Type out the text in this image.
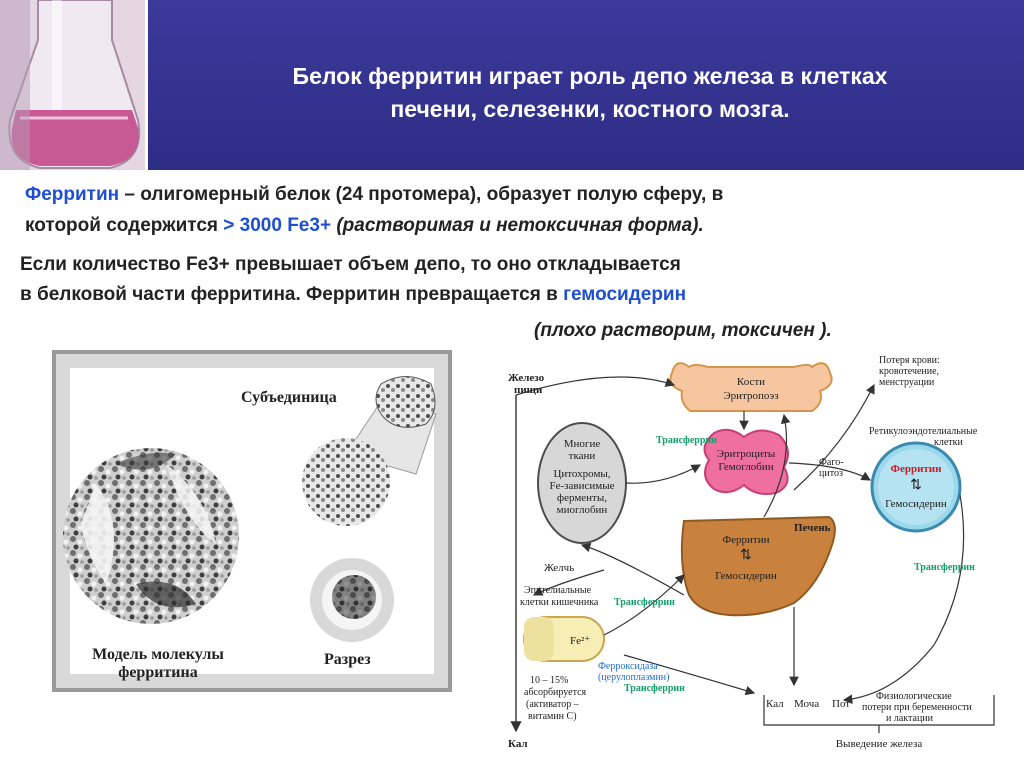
Белок ферритин играет роль депо железа в клетках
печени, селезенки, костного мозга.
Ферритин – олигомерный белок (24 протомера), образует полую сферу, в
которой содержится > 3000 Fe3+ (растворимая и нетоксичная форма).
Если количество Fe3+ превышает объем депо, то оно откладывается
в белковой части ферритина. Ферритин превращается в гемосидерин
(плохо растворим, токсичен ).
Субъединица
Модель молекулы
ферритина
Разрез
Железо
пищи
Кости
Эритропоэз
Многие
ткани
Цитохромы,
Fe-зависимые
ферменты,
миоглобин
Эритроциты
Гемоглобин
Потеря крови:
кровотечение,
менструации
Ретикулоэндотелиальные
клетки
Фаго-
цитоз	Ферритин
⇅
Гемосидерин
Печень
Ферритин
⇅
Гемосидерин
Трансферрин
Трансферрин
Трансферрин
Трансферрин
Желчь
Эпителиальные
клетки кишечника
Fe²⁺
Ферроксидаза
(церулоплазмин)
10 – 15%
абсорбируется
(активатор –
витамин С)
Кал Моча Пот
Физиологические
потери при беременности
и лактации
Выведение железа
Кал
